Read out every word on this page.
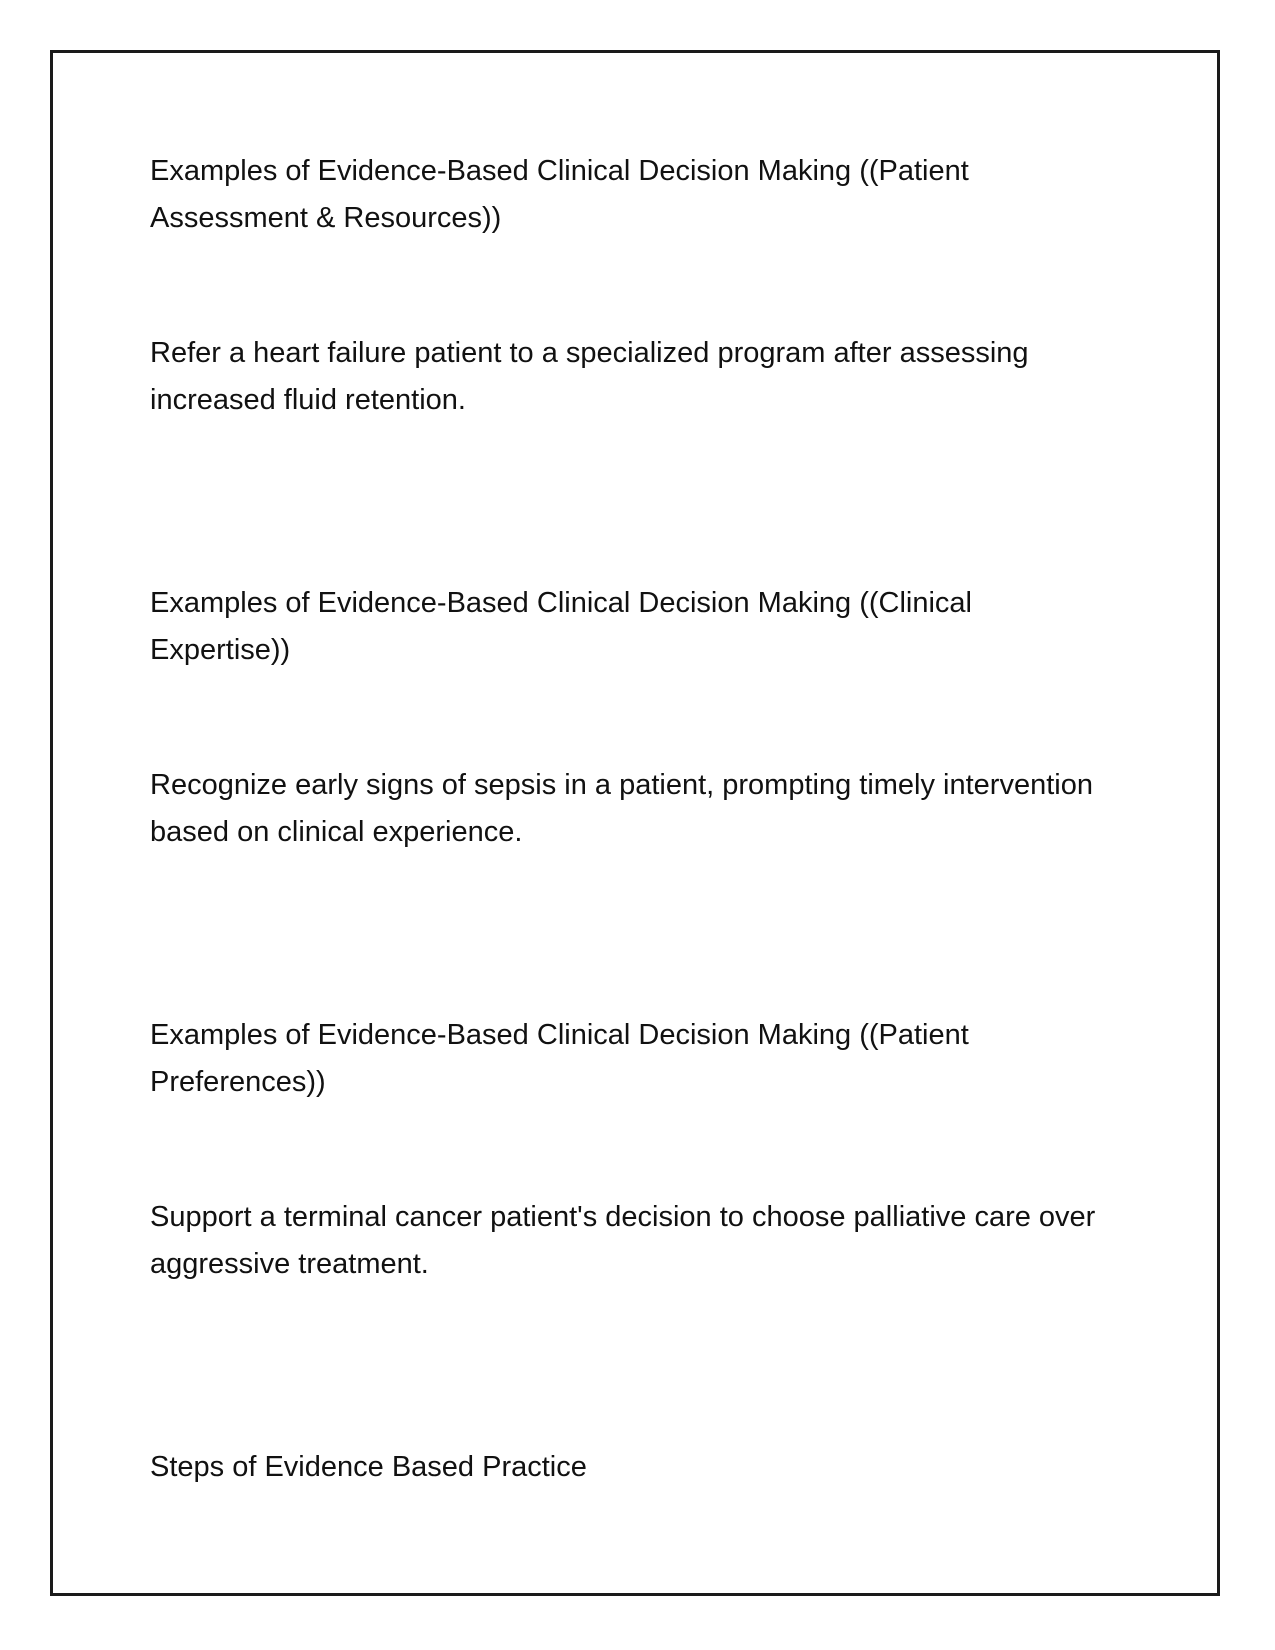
Examples of Evidence-Based Clinical Decision Making ((Patient Assessment & Resources))

Refer a heart failure patient to a specialized program after assessing increased fluid retention.

Examples of Evidence-Based Clinical Decision Making ((Clinical Expertise))

Recognize early signs of sepsis in a patient, prompting timely intervention based on clinical experience.

Examples of Evidence-Based Clinical Decision Making ((Patient Preferences))

Support a terminal cancer patient's decision to choose palliative care over aggressive treatment.

Steps of Evidence Based Practice
